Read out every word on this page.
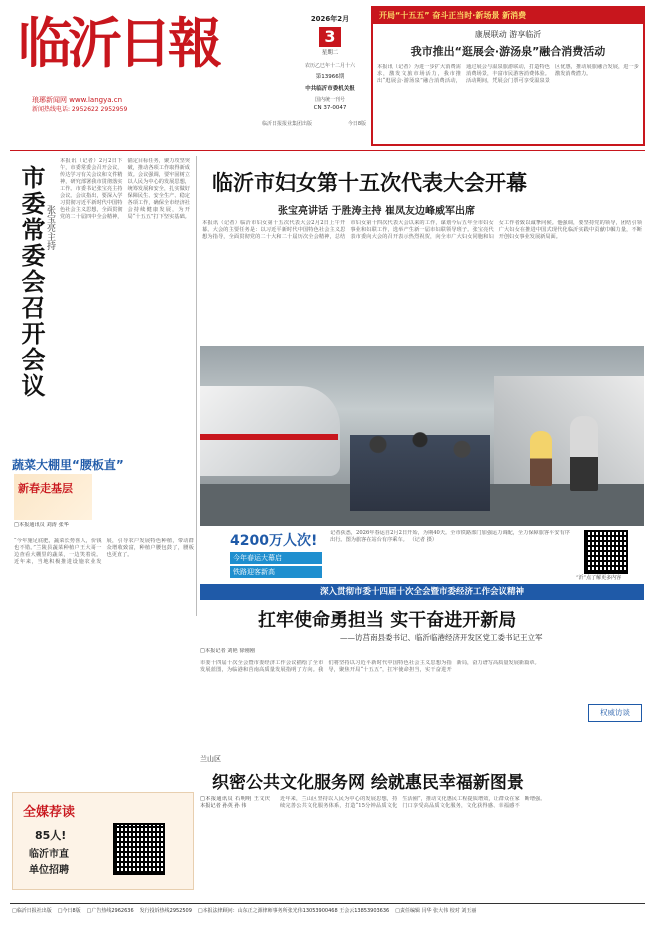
临沂日報
琅琊新闻网 www.langya.cn
新闻热线电话: 2952622 2952959
2026年2月
3
星期二
农历乙巳年十二月十六
第13966期
中共临沂市委机关报
国内统一刊号
CN 37-0047
临沂日报报业集团出版	今日8版
开局“十五五” 奋斗正当时·新场景 新消费
康展联动 游享临沂
我市推出“逛展会·游汤泉”融合消费活动
本报讯（记者）为进一步扩大消费需求，激发文旅市场活力，我市推出“逛展会·游汤泉”融合消费活动，通过展会与温泉旅游联动，打造特色消费场景，丰富市民游客消费体验。活动期间，凭展会门票可享受温泉景区优惠，推动展旅融合发展，进一步激发消费潜力。
市委常委会召开会议 张宝亮主持
本报讯（记者）2月2日下午，市委常委会召开会议，传达学习有关会议和文件精神，研究部署我市贯彻落实工作。市委书记张宝亮主持会议。会议指出，要深入学习贯彻习近平新时代中国特色社会主义思想，全面贯彻党的二十届四中全会精神，锚定目标任务，聚力攻坚突破，推动各项工作取得新成效。会议强调，要牢固树立以人民为中心的发展思想，统筹发展和安全，扎实做好保障民生、安全生产、稳定各项工作，确保全市经济社会持续健康发展，为开局“十五五”打下坚实基础。
临沂市妇女第十五次代表大会开幕
张宝亮讲话 于胜涛主持 崔凤友边峰威军出席
本报讯（记者）临沂市妇女第十五次代表大会2月2日上午开幕。大会的主要任务是：以习近平新时代中国特色社会主义思想为指导，全面贯彻党的二十大和二十届历次全会精神，总结市妇女第十四次代表大会以来的工作，谋划今后五年全市妇女事业和妇联工作，选举产生新一届市妇联领导班子。张宝亮代表市委向大会的召开表示热烈祝贺，向全市广大妇女同胞和妇女工作者致以诚挚问候。他强调，要坚持党的领导，团结引领广大妇女在推进中国式现代化临沂实践中贡献巾帼力量，不断开创妇女事业发展新局面。
4200万人次!
今年春运大幕启
铁路迎客新高
记者获悉，2026年春运自2月2日开始，为期40天。全市铁路部门加强运力调配，全力保障旅客平安有序出行。图为旅客在站台有序乘车。 （记者 摄）
“沂”点了解更多内容
蔬菜大棚里“腰板直”
新春走基层
□本报通讯员 刘涛 张华
“今年施足底肥，蔬菜长势喜人，价钱也不错。”兰陵县蔬菜种植户王大哥一边查看大棚里的蔬菜，一边笑着说。近年来，当地积极推进设施农业发展，引导农户发展特色种植，带动群众增收致富，种植户腰包鼓了，腰板也更直了。
深入贯彻市委十四届十次全会暨市委经济工作会议精神
扛牢使命勇担当 实干奋进开新局
——访莒南县委书记、临沂临港经济开发区党工委书记王立军
□本报记者 刘艳 徐刚刚
市委十四届十次全会暨市委经济工作会议描绘了全市发展蓝图，为临港和莒南高质量发展指明了方向。我们将坚持以习近平新时代中国特色社会主义思想为指导，聚焦开局“十五五”，扛牢使命担当，实干奋进开新局，奋力谱写高质量发展新篇章。
权威访谈
兰山区
织密公共文化服务网 绘就惠民幸福新图景
□本报通讯员 石明明 王文庆 本报记者 孙英 孙 伟
近年来，兰山区坚持以人民为中心的发展思想，持续完善公共文化服务体系，打造“15分钟品质文化生活圈”，推动文化惠民工程提质增效，让群众在家门口享受高品质文化服务，文化获得感、幸福感不断增强。
全媒荐读
85人!
临沂市直
单位招聘
□临沂日报社出版 □今日8版 □广告热线2962636 发行投诉热线2952509 □本报法律顾问：山东正之源律师事务所张光伟13053900468 王会云13853903636 □责任编辑 闫华 张大伟 校对 刘玉丽
